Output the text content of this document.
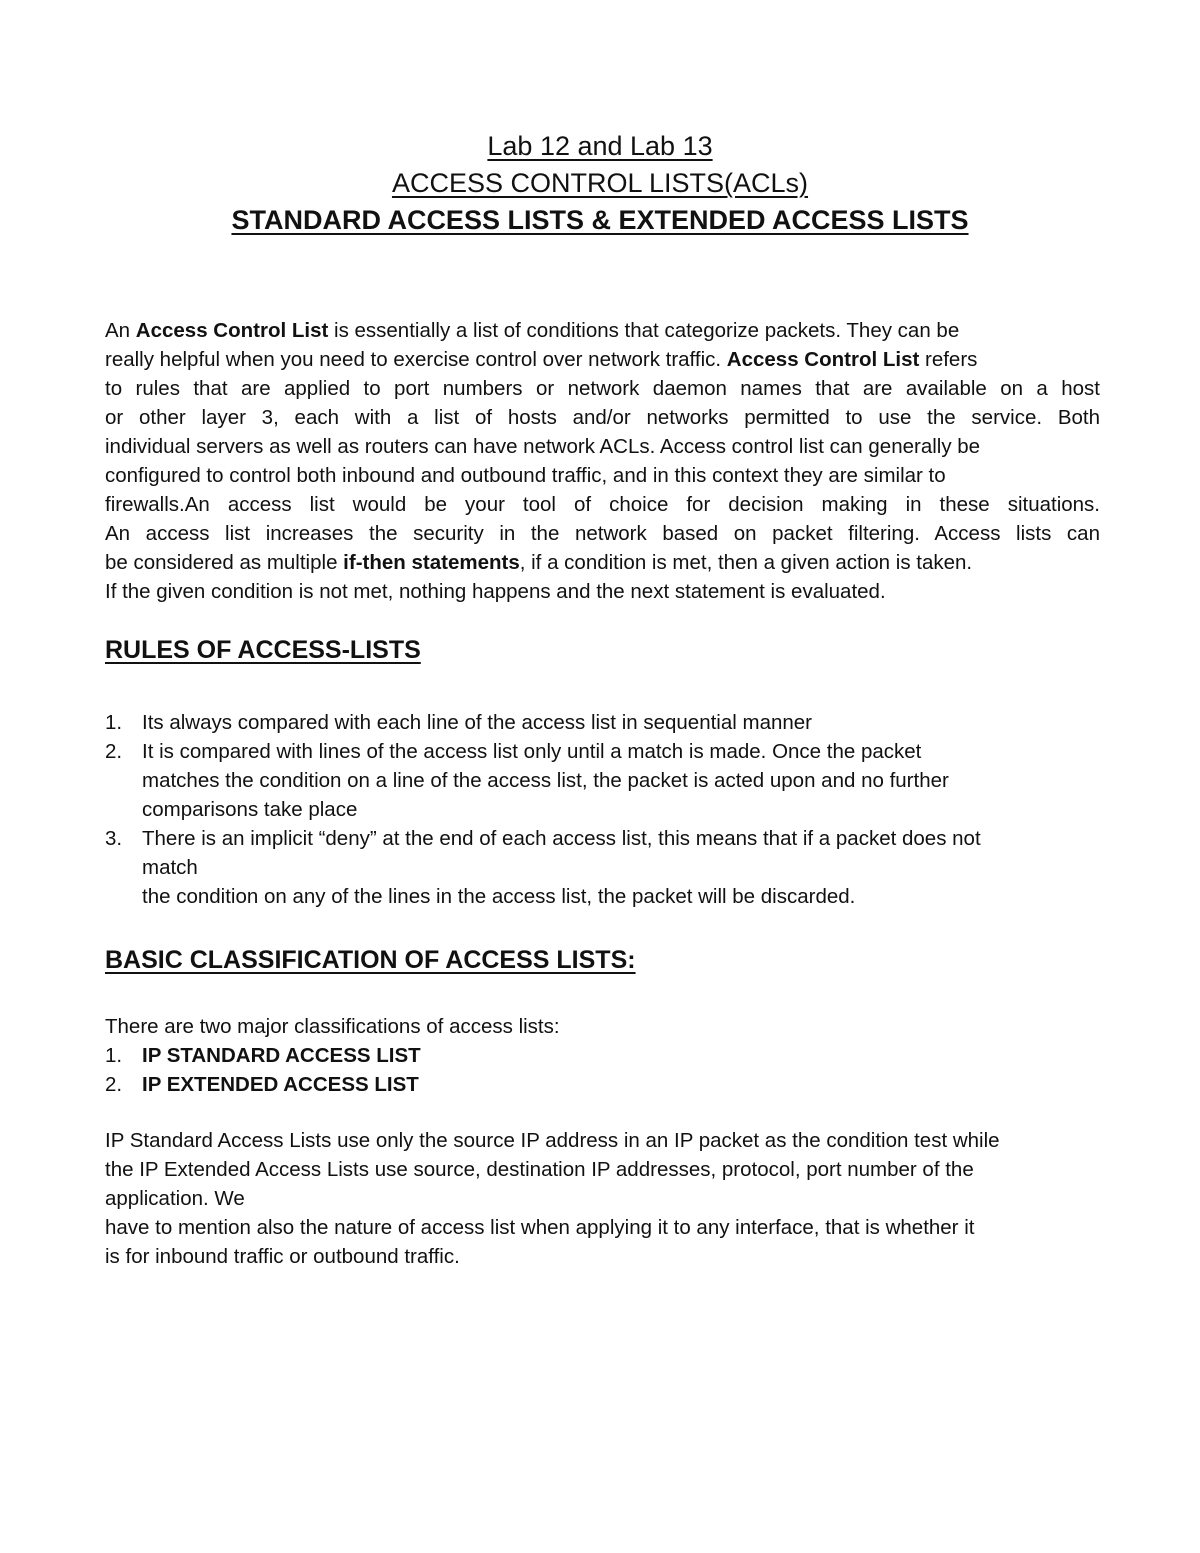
Lab 12 and Lab 13
ACCESS CONTROL LISTS(ACLs)
STANDARD ACCESS LISTS & EXTENDED ACCESS LISTS
An Access Control List is essentially a list of conditions that categorize packets. They can be
really helpful when you need to exercise control over network traffic. Access Control List refers
to rules that are applied to port numbers or network daemon names that are available on a host
or other layer 3, each with a list of hosts and/or networks permitted to use the service. Both
individual servers as well as routers can have network ACLs. Access control list can generally be
configured to control both inbound and outbound traffic, and in this context they are similar to
firewalls.An access list would be your tool of choice for decision making in these situations.
An access list increases the security in the network based on packet filtering. Access lists can
be considered as multiple if-then statements, if a condition is met, then a given action is taken.
If the given condition is not met, nothing happens and the next statement is evaluated.
RULES OF ACCESS-LISTS
1. Its always compared with each line of the access list in sequential manner
2. It is compared with lines of the access list only until a match is made. Once the packet
matches the condition on a line of the access list, the packet is acted upon and no further
comparisons take place
3. There is an implicit “deny” at the end of each access list, this means that if a packet does not
match
the condition on any of the lines in the access list, the packet will be discarded.
BASIC CLASSIFICATION OF ACCESS LISTS:
There are two major classifications of access lists:
1. IP STANDARD ACCESS LIST
2. IP EXTENDED ACCESS LIST
IP Standard Access Lists use only the source IP address in an IP packet as the condition test while
the IP Extended Access Lists use source, destination IP addresses, protocol, port number of the
application. We
have to mention also the nature of access list when applying it to any interface, that is whether it
is for inbound traffic or outbound traffic.
